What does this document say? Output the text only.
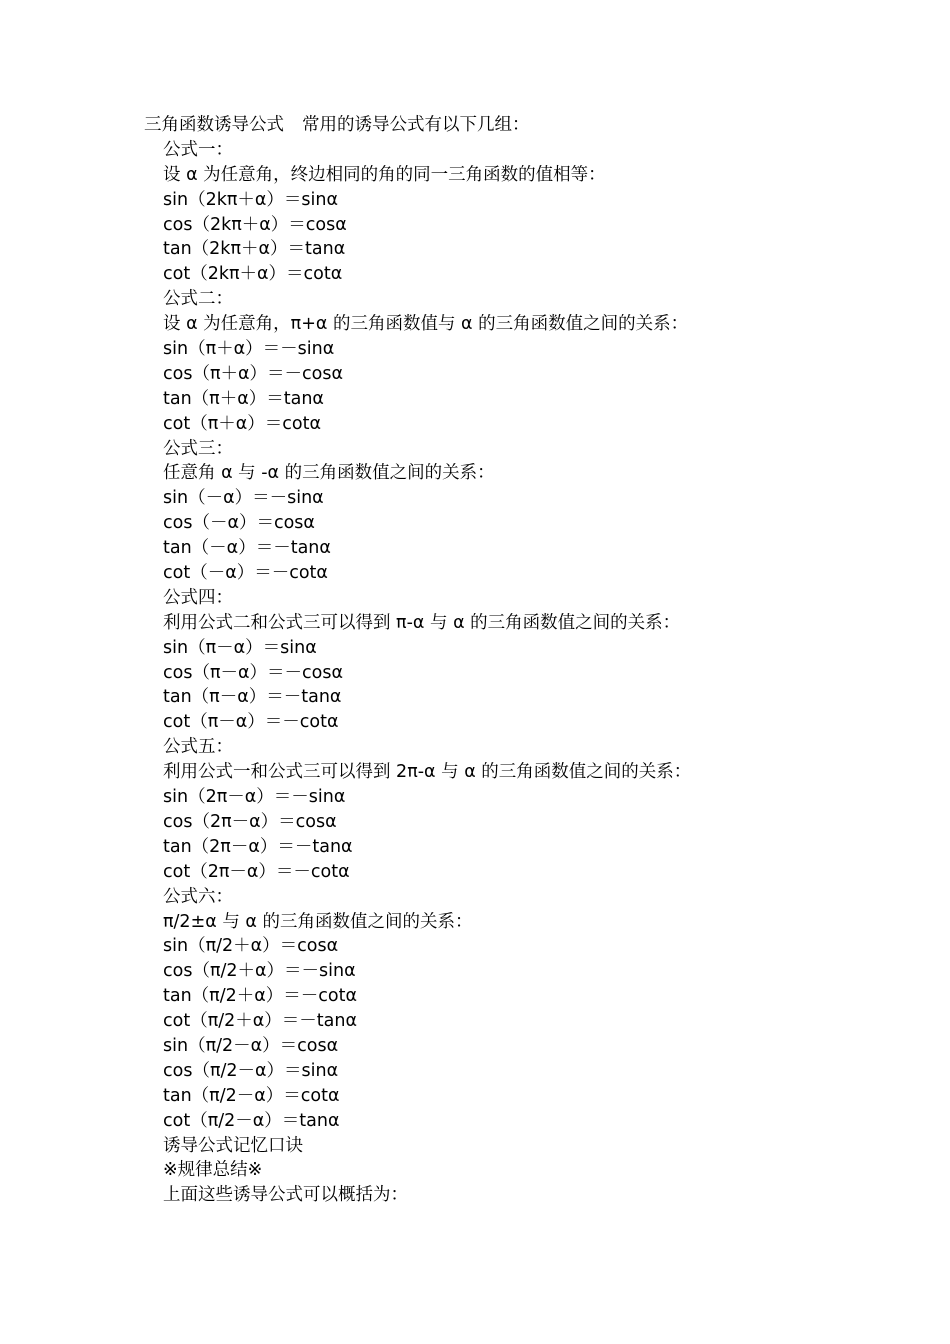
三角函数诱导公式 常用的诱导公式有以下几组：
公式一：
设 α 为任意角，终边相同的角的同一三角函数的值相等：
sin（2kπ＋α）＝sinα
cos（2kπ＋α）＝cosα
tan（2kπ＋α）＝tanα
cot（2kπ＋α）＝cotα
公式二：
设 α 为任意角，π+α 的三角函数值与 α 的三角函数值之间的关系：
sin（π＋α）＝－sinα
cos（π＋α）＝－cosα
tan（π＋α）＝tanα
cot（π＋α）＝cotα
公式三：
任意角 α 与 -α 的三角函数值之间的关系：
sin（－α）＝－sinα
cos（－α）＝cosα
tan（－α）＝－tanα
cot（－α）＝－cotα
公式四：
利用公式二和公式三可以得到 π-α 与 α 的三角函数值之间的关系：
sin（π－α）＝sinα
cos（π－α）＝－cosα
tan（π－α）＝－tanα
cot（π－α）＝－cotα
公式五：
利用公式一和公式三可以得到 2π-α 与 α 的三角函数值之间的关系：
sin（2π－α）＝－sinα
cos（2π－α）＝cosα
tan（2π－α）＝－tanα
cot（2π－α）＝－cotα
公式六：
π/2±α 与 α 的三角函数值之间的关系：
sin（π/2＋α）＝cosα
cos（π/2＋α）＝－sinα
tan（π/2＋α）＝－cotα
cot（π/2＋α）＝－tanα
sin（π/2－α）＝cosα
cos（π/2－α）＝sinα
tan（π/2－α）＝cotα
cot（π/2－α）＝tanα
诱导公式记忆口诀
※规律总结※
上面这些诱导公式可以概括为：
